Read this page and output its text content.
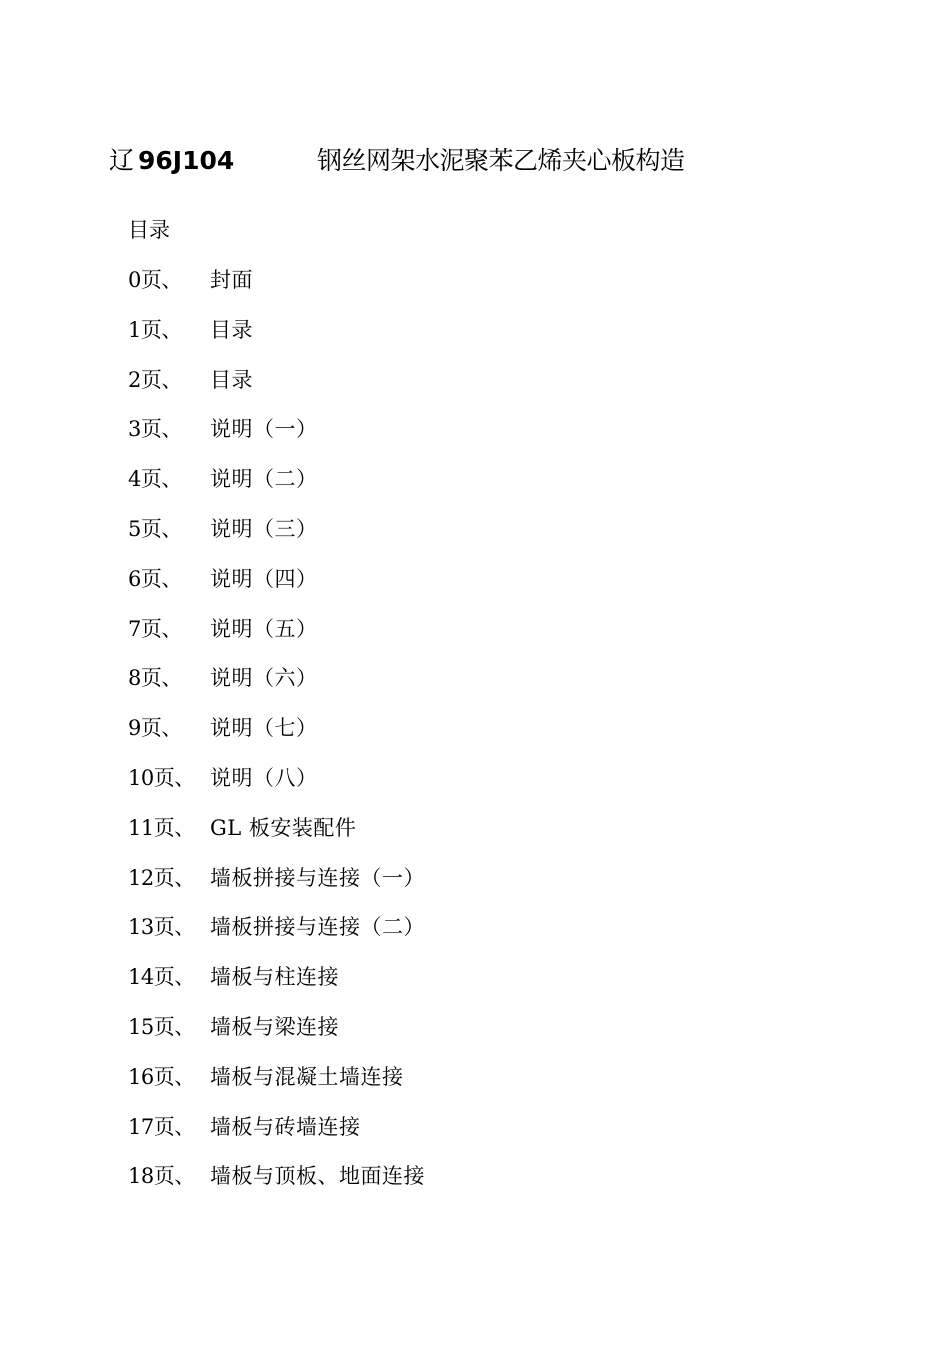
辽 96J104	钢丝网架水泥聚苯乙烯夹心板构造
目录
0页、	封面
1页、	目录
2页、	目录
3页、	说明（一）
4页、	说明（二）
5页、	说明（三）
6页、	说明（四）
7页、	说明（五）
8页、	说明（六）
9页、	说明（七）
10页、 说明（八）
11页、 GL 板安装配件
12页、 墙板拼接与连接（一）
13页、 墙板拼接与连接（二）
14页、 墙板与柱连接
15页、 墙板与梁连接
16页、 墙板与混凝土墙连接
17页、 墙板与砖墙连接
18页、 墙板与顶板、地面连接
